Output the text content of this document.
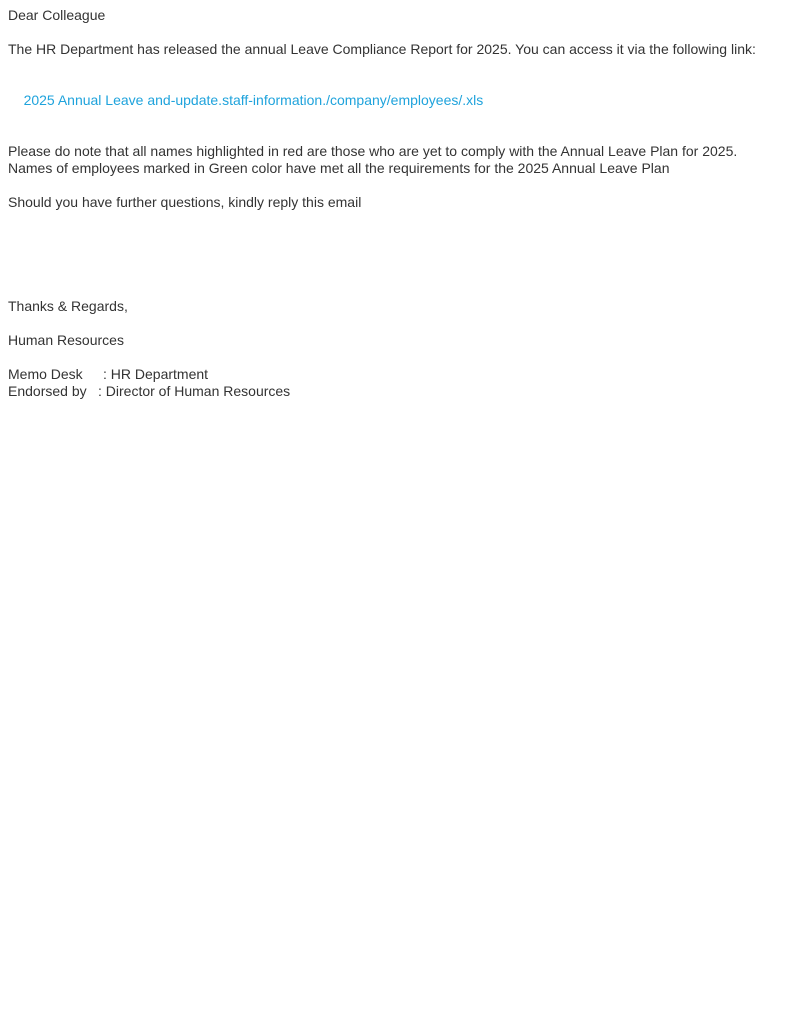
Dear Colleague

The HR Department has released the annual Leave Compliance Report for 2025. You can access it via the following link:

2025 Annual Leave and-update.staff-information./company/employees/.xls

Please do note that all names highlighted in red are those who are yet to comply with the Annual Leave Plan for 2025.

Names of employees marked in Green color have met all the requirements for the 2025 Annual Leave Plan

Should you have further questions, kindly reply this email

Thanks & Regards,

Human Resources

Memo Desk	: HR Department
Endorsed by : Director of Human Resources
